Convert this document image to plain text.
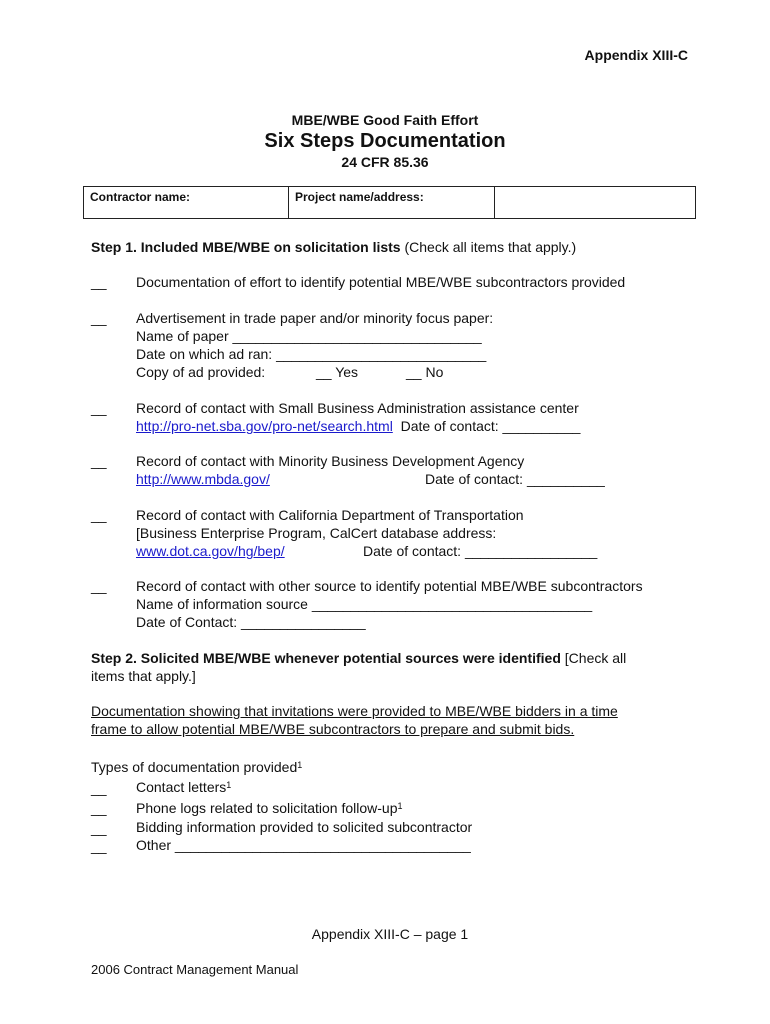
Appendix XIII-C
MBE/WBE Good Faith Effort
Six Steps Documentation
24 CFR 85.36
Contractor name:	Project name/address:	
Step 1. Included MBE/WBE on solicitation lists (Check all items that apply.)
__ Documentation of effort to identify potential MBE/WBE subcontractors provided
__ Advertisement in trade paper and/or minority focus paper:
Name of paper ________________________________
Date on which ad ran: ___________________________
Copy of ad provided:	__ Yes	__ No
__ Record of contact with Small Business Administration assistance center
http://pro-net.sba.gov/pro-net/search.html Date of contact: __________
__ Record of contact with Minority Business Development Agency
http://www.mbda.gov/	Date of contact: __________
__ Record of contact with California Department of Transportation
[Business Enterprise Program, CalCert database address:
www.dot.ca.gov/hg/bep/	Date of contact: _________________
__ Record of contact with other source to identify potential MBE/WBE subcontractors
Name of information source ____________________________________
Date of Contact: ________________
Step 2. Solicited MBE/WBE whenever potential sources were identified [Check all
items that apply.]
Documentation showing that invitations were provided to MBE/WBE bidders in a time
frame to allow potential MBE/WBE subcontractors to prepare and submit bids.
Types of documentation provided$^1$
__ Contact letters$^1$
__ Phone logs related to solicitation follow-$up^1$
__ Bidding information provided to solicited subcontractor
__ Other ______________________________________
Appendix XIII-C – page 1
2006 Contract Management Manual
